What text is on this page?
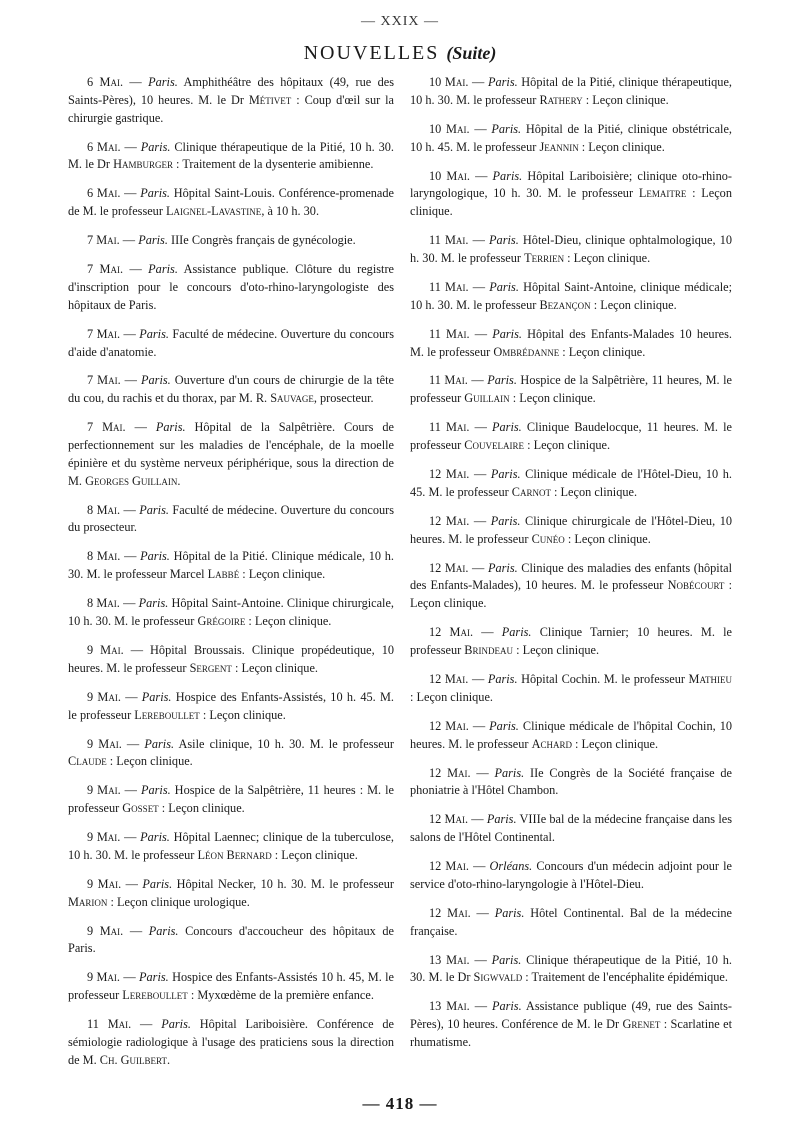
— XXIX —
NOUVELLES (Suite)

6 Mai. — Paris. Amphithéâtre des hôpitaux (49, rue des Saints-Pères), 10 heures. M. le Dr Métivet : Coup d'œil sur la chirurgie gastrique.

6 Mai. — Paris. Clinique thérapeutique de la Pitié, 10 h. 30. M. le Dr Hamburger : Traitement de la dysenterie amibienne.

6 Mai. — Paris. Hôpital Saint-Louis. Conférence-promenade de M. le professeur Laignel-Lavastine, à 10 h. 30.

7 Mai. — Paris. IIIe Congrès français de gynécologie.

7 Mai. — Paris. Assistance publique. Clôture du registre d'inscription pour le concours d'oto-rhino-laryngologiste des hôpitaux de Paris.

7 Mai. — Paris. Faculté de médecine. Ouverture du concours d'aide d'anatomie.

7 Mai. — Paris. Ouverture d'un cours de chirurgie de la tête du cou, du rachis et du thorax, par M. R. Sauvage, prosecteur.

7 Mai. — Paris. Hôpital de la Salpêtrière. Cours de perfectionnement sur les maladies de l'encéphale, de la moelle épinière et du système nerveux périphérique, sous la direction de M. Georges Guillain.

8 Mai. — Paris. Faculté de médecine. Ouverture du concours du prosecteur.

8 Mai. — Paris. Hôpital de la Pitié. Clinique médicale, 10 h. 30. M. le professeur Marcel Labbé : Leçon clinique.

8 Mai. — Paris. Hôpital Saint-Antoine. Clinique chirurgicale, 10 h. 30. M. le professeur Grégoire : Leçon clinique.

9 Mai. — Hôpital Broussais. Clinique propédeutique, 10 heures. M. le professeur Sergent : Leçon clinique.

9 Mai. — Paris. Hospice des Enfants-Assistés, 10 h. 45. M. le professeur Lereboullet : Leçon clinique.

9 Mai. — Paris. Asile clinique, 10 h. 30. M. le professeur Claude : Leçon clinique.

9 Mai. — Paris. Hospice de la Salpêtrière, 11 heures : M. le professeur Gosset : Leçon clinique.

9 Mai. — Paris. Hôpital Laennec; clinique de la tuberculose, 10 h. 30. M. le professeur Léon Bernard : Leçon clinique.

9 Mai. — Paris. Hôpital Necker, 10 h. 30. M. le professeur Marion : Leçon clinique urologique.

9 Mai. — Paris. Concours d'accoucheur des hôpitaux de Paris.

9 Mai. — Paris. Hospice des Enfants-Assistés 10 h. 45, M. le professeur Lereboullet : Myxœdème de la première enfance.

11 Mai. — Paris. Hôpital Lariboisière. Conférence de sémiologie radiologique à l'usage des praticiens sous la direction de M. Ch. Guilbert.

10 Mai. — Paris. Hôpital de la Pitié, clinique thérapeutique, 10 h. 30. M. le professeur Rathery : Leçon clinique.

10 Mai. — Paris. Hôpital de la Pitié, clinique obstétricale, 10 h. 45. M. le professeur Jeannin : Leçon clinique.

10 Mai. — Paris. Hôpital Lariboisière; clinique oto-rhino-laryngologique, 10 h. 30. M. le professeur Lemaitre : Leçon clinique.

11 Mai. — Paris. Hôtel-Dieu, clinique ophtalmologique, 10 h. 30. M. le professeur Terrien : Leçon clinique.

11 Mai. — Paris. Hôpital Saint-Antoine, clinique médicale; 10 h. 30. M. le professeur Bezançon : Leçon clinique.

11 Mai. — Paris. Hôpital des Enfants-Malades 10 heures. M. le professeur Ombrédanne : Leçon clinique.

11 Mai. — Paris. Hospice de la Salpêtrière, 11 heures, M. le professeur Guillain : Leçon clinique.

11 Mai. — Paris. Clinique Baudelocque, 11 heures. M. le professeur Couvelaire : Leçon clinique.

12 Mai. — Paris. Clinique médicale de l'Hôtel-Dieu, 10 h. 45. M. le professeur Carnot : Leçon clinique.

12 Mai. — Paris. Clinique chirurgicale de l'Hôtel-Dieu, 10 heures. M. le professeur Cunéo : Leçon clinique.

12 Mai. — Paris. Clinique des maladies des enfants (hôpital des Enfants-Malades), 10 heures. M. le professeur Nobécourt : Leçon clinique.

12 Mai. — Paris. Clinique Tarnier; 10 heures. M. le professeur Brindeau : Leçon clinique.

12 Mai. — Paris. Hôpital Cochin. M. le professeur Mathieu : Leçon clinique.

12 Mai. — Paris. Clinique médicale de l'hôpital Cochin, 10 heures. M. le professeur Achard : Leçon clinique.

12 Mai. — Paris. IIe Congrès de la Société française de phoniatrie à l'Hôtel Chambon.

12 Mai. — Paris. VIIIe bal de la médecine française dans les salons de l'Hôtel Continental.

12 Mai. — Orléans. Concours d'un médecin adjoint pour le service d'oto-rhino-laryngologie à l'Hôtel-Dieu.

12 Mai. — Paris. Hôtel Continental. Bal de la médecine française.

13 Mai. — Paris. Clinique thérapeutique de la Pitié, 10 h. 30. M. le Dr Sigwvald : Traitement de l'encéphalite épidémique.

13 Mai. — Paris. Assistance publique (49, rue des Saints-Pères), 10 heures. Conférence de M. le Dr Grenet : Scarlatine et rhumatisme.

— 418 —
